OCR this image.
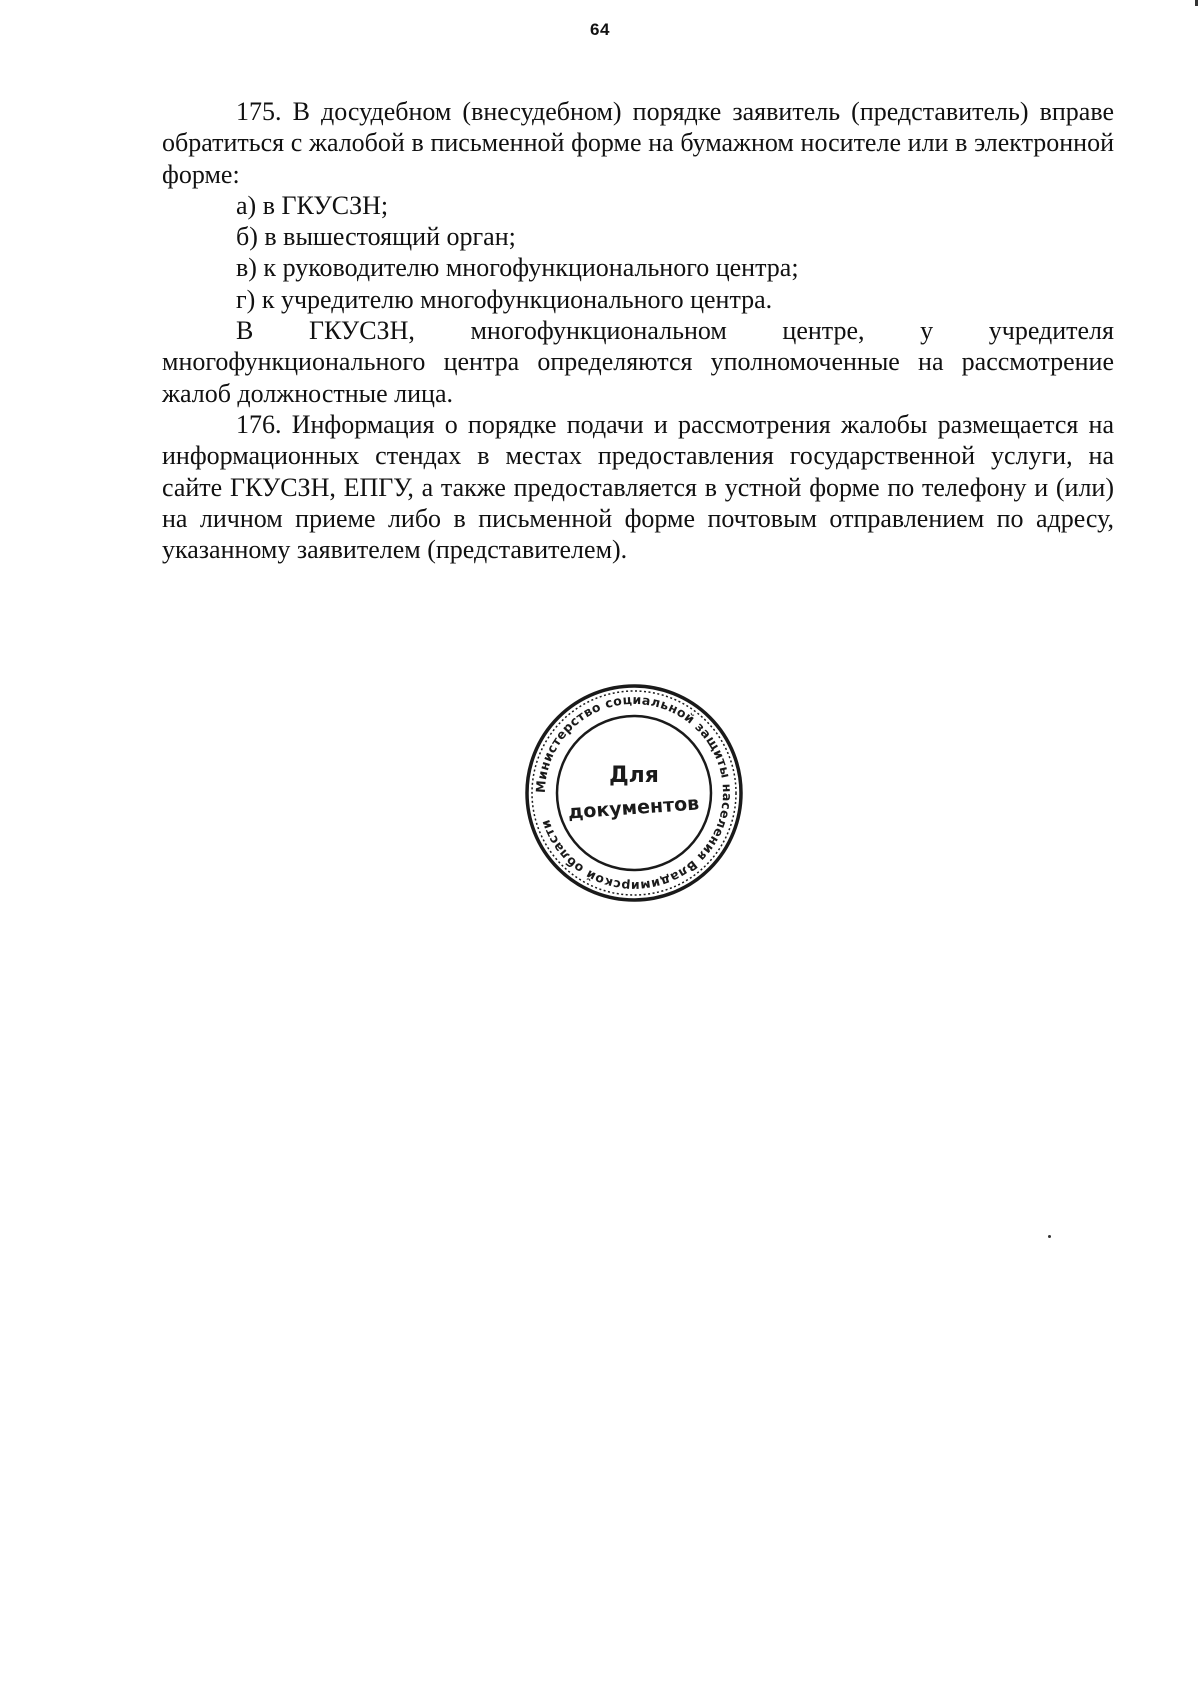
64

175. В досудебном (внесудебном) порядке заявитель (представитель) вправе обратиться с жалобой в письменной форме на бумажном носителе или в электронной форме:

а) в ГКУСЗН;

б) в вышестоящий орган;

в) к руководителю многофункционального центра;

г) к учредителю многофункционального центра.

В ГКУСЗН, многофункциональном центре, у учредителя многофункционального центра определяются уполномоченные на рассмотрение жалоб должностные лица.

176. Информация о порядке подачи и рассмотрения жалобы размещается на информационных стендах в местах предоставления государственной услуги, на сайте ГКУСЗН, ЕПГУ, а также предоставляется в устной форме по телефону и (или) на личном приеме либо в письменной форме почтовым отправлением по адресу, указанному заявителем (представителем).

Министерство социальной защиты населения Владимирской области
Для
документов
